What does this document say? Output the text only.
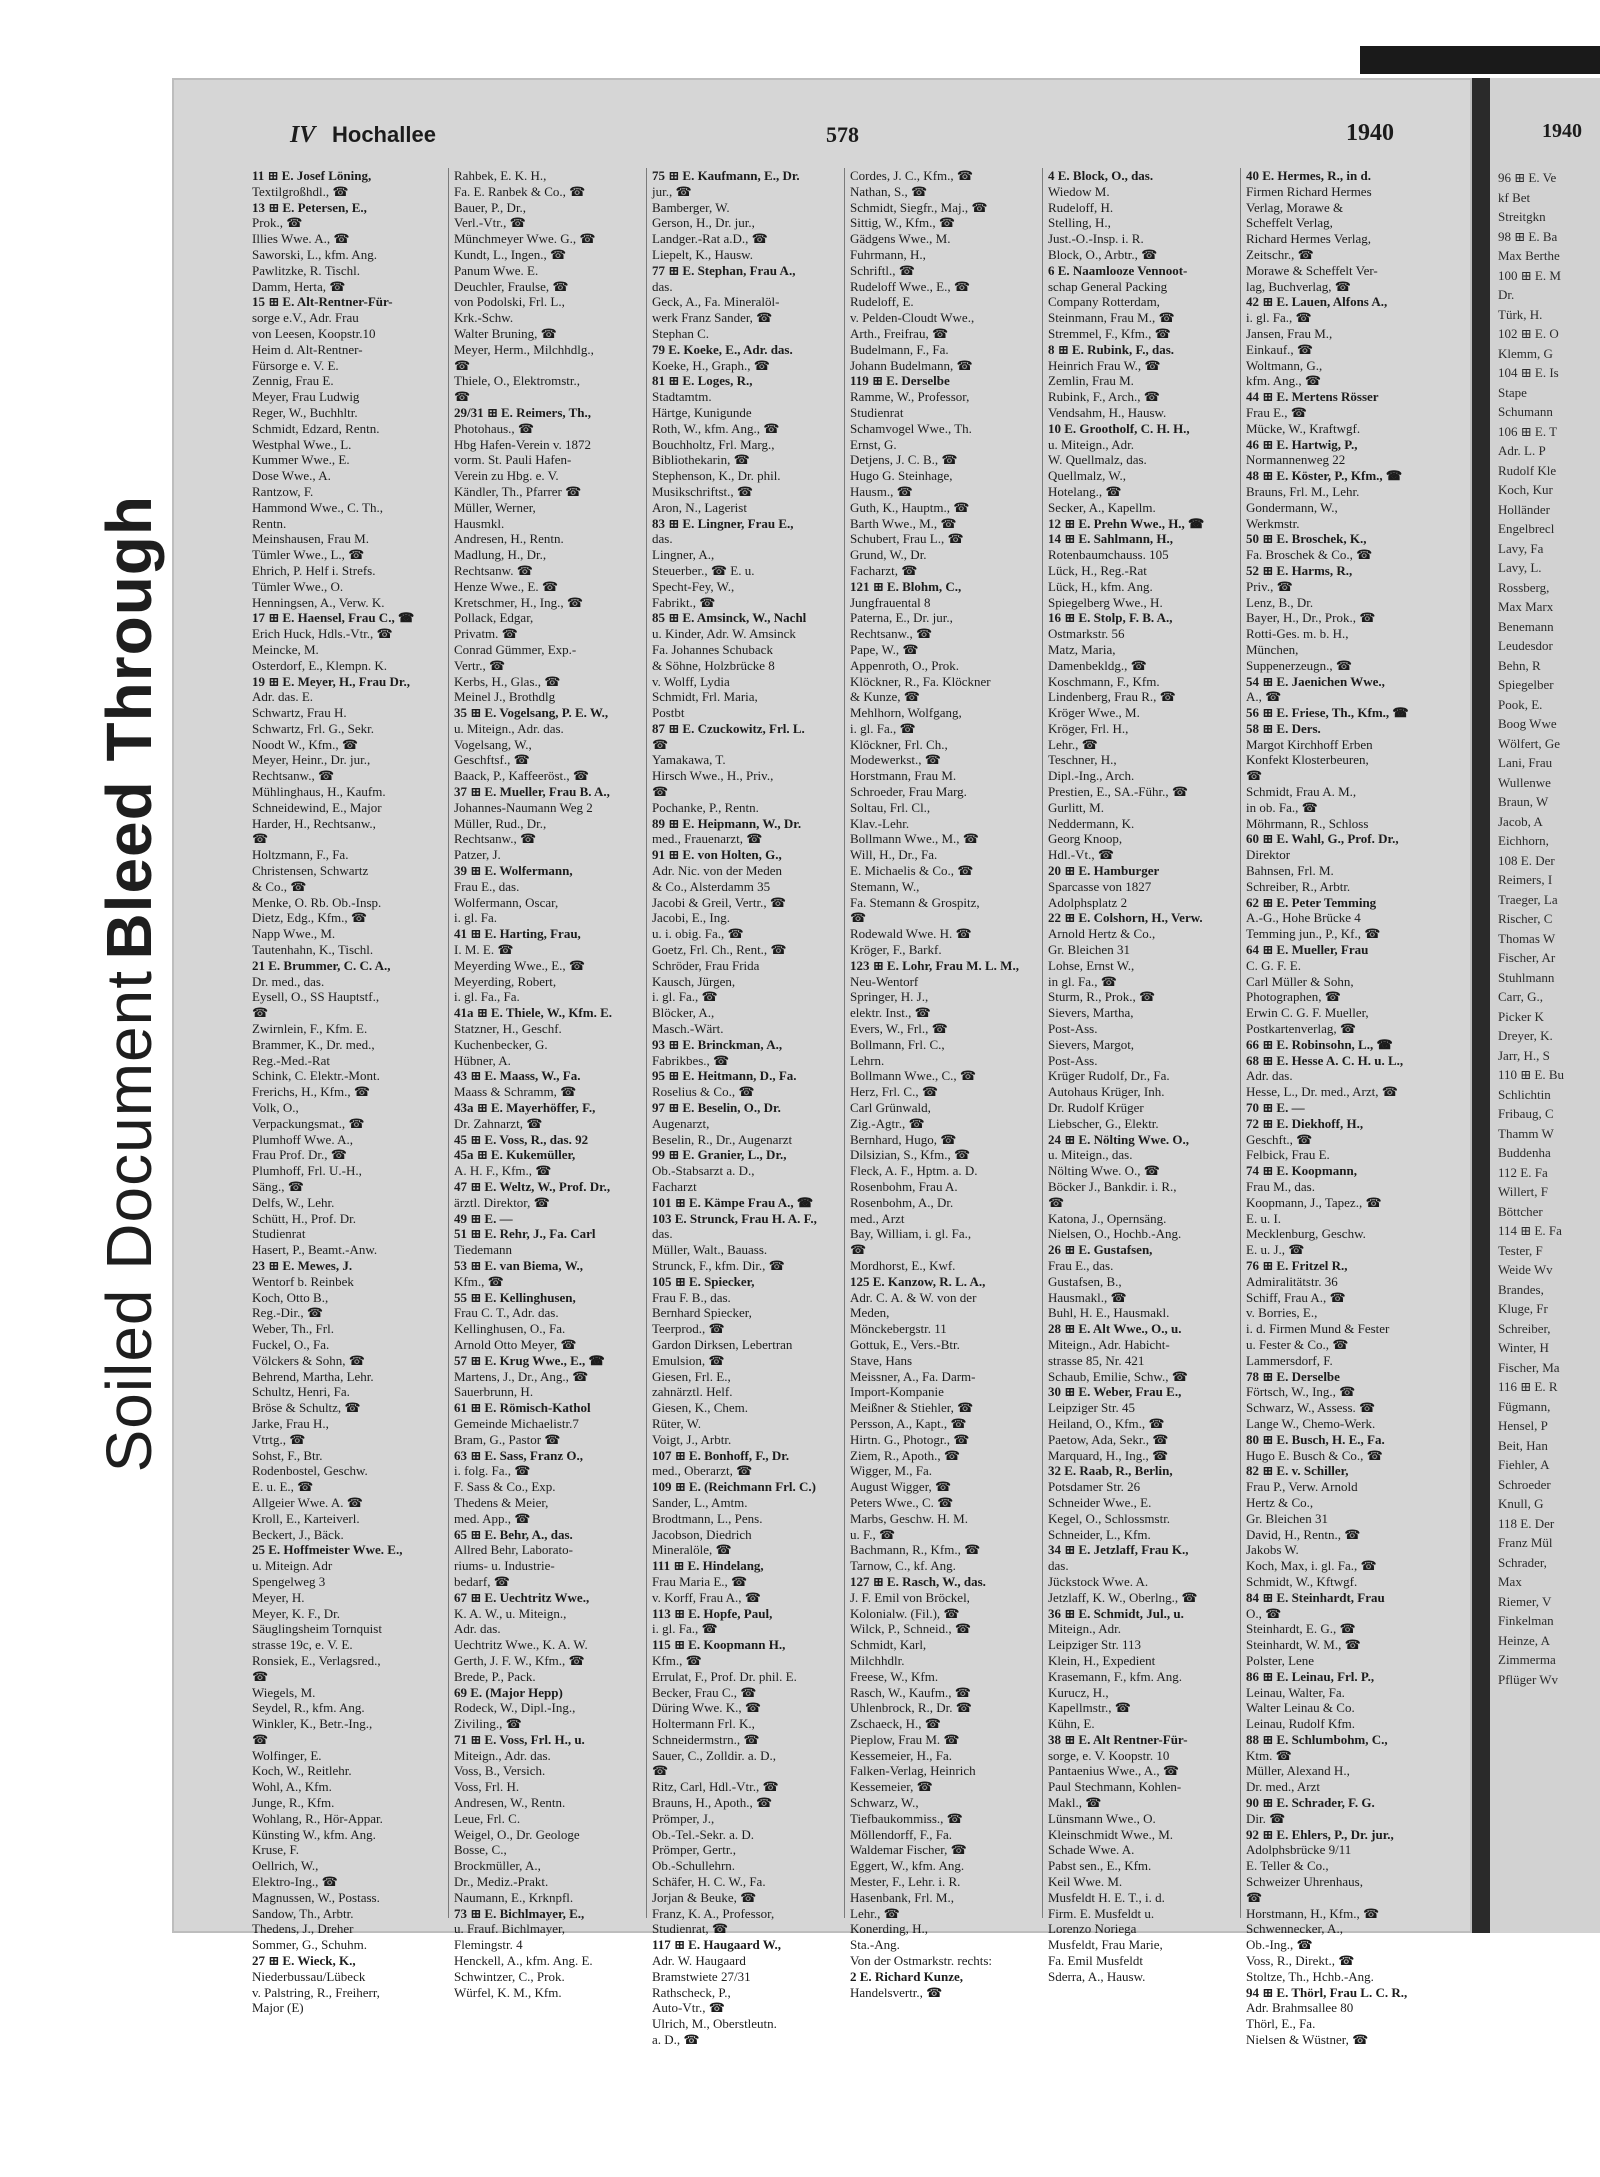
1940
96 ⊞ E. Ve
kf Bet
Streitgkn
98 ⊞ E. Ba
Max Berthe
100 ⊞ E. M
Dr.
Türk, H.
102 ⊞ E. O
Klemm, G
104 ⊞ E. Is
Stape
Schumann
106 ⊞ E. T
Adr. L. P
Rudolf Kle
Koch, Kur
Holländer
Engelbrecl
Lavy, Fa
Lavy, L.
Rossberg,
Max Marx
Benemann
Leudesdor
Behn, R
Spiegelber
Pook, E.
Boog Wwe
Wölfert, Ge
Lani, Frau
Wullenwe
Braun, W
Jacob, A
Eichhorn,
108 E. Der
Reimers, I
Traeger, La
Rischer, C
Thomas W
Fischer, Ar
Stuhlmann
Carr, G.,
Picker K
Dreyer, K.
Jarr, H., S
110 ⊞ E. Bu
Schlichtin
Fribaug, C
Thamm W
Buddenha
112 E. Fa
Willert, F
Böttcher
114 ⊞ E. Fa
Tester, F
Weide Wv
Brandes,
Kluge, Fr
Schreiber,
Winter, H
Fischer, Ma
116 ⊞ E. R
Fügmann,
Hensel, P
Beit, Han
Fiehler, A
Schroeder
Knull, G
118 E. Der
Franz Mül
Schrader,
Max
Riemer, V
Finkelman
Heinze, A
Zimmerma
Pflüger Wv
Soiled Document
Bleed Through
IV Hochallee	578	1940
11 ⊞ E. Josef Löning,
Textilgroßhdl., ☎
13 ⊞ E. Petersen, E.,
Prok., ☎
Illies Wwe. A., ☎
Saworski, L., kfm. Ang.
Pawlitzke, R. Tischl.
Damm, Herta, ☎
15 ⊞ E. Alt-Rentner-Für-
sorge e.V., Adr. Frau
von Leesen, Koopstr.10
Heim d. Alt-Rentner-
Fürsorge e. V. E.
Zennig, Frau E.
Meyer, Frau Ludwig
Reger, W., Buchhltr.
Schmidt, Edzard, Rentn.
Westphal Wwe., L.
Kummer Wwe., E.
Dose Wwe., A.
Rantzow, F.
Hammond Wwe., C. Th.,
Rentn.
Meinshausen, Frau M.
Tümler Wwe., L., ☎
Ehrich, P. Helf i. Strefs.
Tümler Wwe., O.
Henningsen, A., Verw. K.
17 ⊞ E. Haensel, Frau C., ☎
Erich Huck, Hdls.-Vtr., ☎
Meincke, M.
Osterdorf, E., Klempn. K.
19 ⊞ E. Meyer, H., Frau Dr.,
Adr. das. E.
Schwartz, Frau H.
Schwartz, Frl. G., Sekr.
Noodt W., Kfm., ☎
Meyer, Heinr., Dr. jur.,
Rechtsanw., ☎
Mühlinghaus, H., Kaufm.
Schneidewind, E., Major
Harder, H., Rechtsanw.,
☎
Holtzmann, F., Fa.
Christensen, Schwartz
& Co., ☎
Menke, O. Rb. Ob.-Insp.
Dietz, Edg., Kfm., ☎
Napp Wwe., M.
Tautenhahn, K., Tischl.
21 E. Brummer, C. C. A.,
Dr. med., das.
Eysell, O., SS Hauptstf.,
☎
Zwirnlein, F., Kfm. E.
Brammer, K., Dr. med.,
Reg.-Med.-Rat
Schink, C. Elektr.-Mont.
Frerichs, H., Kfm., ☎
Volk, O.,
Verpackungsmat., ☎
Plumhoff Wwe. A.,
Frau Prof. Dr., ☎
Plumhoff, Frl. U.-H.,
Säng., ☎
Delfs, W., Lehr.
Schütt, H., Prof. Dr.
Studienrat
Hasert, P., Beamt.-Anw.
23 ⊞ E. Mewes, J.
Wentorf b. Reinbek
Koch, Otto B.,
Reg.-Dir., ☎
Weber, Th., Frl.
Fuckel, O., Fa.
Völckers & Sohn, ☎
Behrend, Martha, Lehr.
Schultz, Henri, Fa.
Bröse & Schultz, ☎
Jarke, Frau H.,
Vtrtg., ☎
Sohst, F., Btr.
Rodenbostel, Geschw.
E. u. E., ☎
Allgeier Wwe. A. ☎
Kroll, E., Karteiverl.
Beckert, J., Bäck.
25 E. Hoffmeister Wwe. E.,
u. Miteign. Adr
Spengelweg 3
Meyer, H.
Meyer, K. F., Dr.
Säuglingsheim Tornquist
strasse 19c, e. V. E.
Ronsiek, E., Verlagsred.,
☎
Wiegels, M.
Seydel, R., kfm. Ang.
Winkler, K., Betr.-Ing.,
☎
Wolfinger, E.
Koch, W., Reitlehr.
Wohl, A., Kfm.
Junge, R., Kfm.
Wohlang, R., Hör-Appar.
Künsting W., kfm. Ang.
Kruse, F.
Oellrich, W.,
Elektro-Ing., ☎
Magnussen, W., Postass.
Sandow, Th., Arbtr.
Thedens, J., Dreher
Sommer, G., Schuhm.
27 ⊞ E. Wieck, K.,
Niederbussau/Lübeck
v. Palstring, R., Freiherr,
Major (E)
Rahbek, E. K. H.,
Fa. E. Ranbek & Co., ☎
Bauer, P., Dr.,
Verl.-Vtr., ☎
Münchmeyer Wwe. G., ☎
Kundt, L., Ingen., ☎
Panum Wwe. E.
Deuchler, Fraulse, ☎
von Podolski, Frl. L.,
Krk.-Schw.
Walter Bruning, ☎
Meyer, Herm., Milchhdlg.,
☎
Thiele, O., Elektromstr.,
☎
29/31 ⊞ E. Reimers, Th.,
Photohaus., ☎
Hbg Hafen-Verein v. 1872
vorm. St. Pauli Hafen-
Verein zu Hbg. e. V.
Kändler, Th., Pfarrer ☎
Müller, Werner,
Hausmkl.
Andresen, H., Rentn.
Madlung, H., Dr.,
Rechtsanw. ☎
Henze Wwe., E. ☎
Kretschmer, H., Ing., ☎
Pollack, Edgar,
Privatm. ☎
Conrad Gümmer, Exp.-
Vertr., ☎
Kerbs, H., Glas., ☎
Meinel J., Brothdlg
35 ⊞ E. Vogelsang, P. E. W.,
u. Miteign., Adr. das.
Vogelsang, W.,
Geschftsf., ☎
Baack, P., Kaffeeröst., ☎
37 ⊞ E. Mueller, Frau B. A.,
Johannes-Naumann Weg 2
Müller, Rud., Dr.,
Rechtsanw., ☎
Patzer, J.
39 ⊞ E. Wolfermann,
Frau E., das.
Wolfermann, Oscar,
i. gl. Fa.
41 ⊞ E. Harting, Frau,
I. M. E. ☎
Meyerding Wwe., E., ☎
Meyerding, Robert,
i. gl. Fa., Fa.
41a ⊞ E. Thiele, W., Kfm. E.
Statzner, H., Geschf.
Kuchenbecker, G.
Hübner, A.
43 ⊞ E. Maass, W., Fa.
Maass & Schramm, ☎
43a ⊞ E. Mayerhöffer, F.,
Dr. Zahnarzt, ☎
45 ⊞ E. Voss, R., das. 92
45a ⊞ E. Kukemüller,
A. H. F., Kfm., ☎
47 ⊞ E. Weltz, W., Prof. Dr.,
ärztl. Direktor, ☎
49 ⊞ E. —
51 ⊞ E. Rehr, J., Fa. Carl
Tiedemann
53 ⊞ E. van Biema, W.,
Kfm., ☎
55 ⊞ E. Kellinghusen,
Frau C. T., Adr. das.
Kellinghusen, O., Fa.
Arnold Otto Meyer, ☎
57 ⊞ E. Krug Wwe., E., ☎
Martens, J., Dr., Ang., ☎
Sauerbrunn, H.
61 ⊞ E. Römisch-Kathol
Gemeinde Michaelistr.7
Bram, G., Pastor ☎
63 ⊞ E. Sass, Franz O.,
i. folg. Fa., ☎
F. Sass & Co., Exp.
Thedens & Meier,
med. App., ☎
65 ⊞ E. Behr, A., das.
Allred Behr, Laborato-
riums- u. Industrie-
bedarf, ☎
67 ⊞ E. Uechtritz Wwe.,
K. A. W., u. Miteign.,
Adr. das.
Uechtritz Wwe., K. A. W.
Gerth, J. F. W., Kfm., ☎
Brede, P., Pack.
69 E. (Major Hepp)
Rodeck, W., Dipl.-Ing.,
Ziviling., ☎
71 ⊞ E. Voss, Frl. H., u.
Miteign., Adr. das.
Voss, B., Versich.
Voss, Frl. H.
Andresen, W., Rentn.
Leue, Frl. C.
Weigel, O., Dr. Geologe
Bosse, C.,
Brockmüller, A.,
Dr., Mediz.-Prakt.
Naumann, E., Krknpfl.
73 ⊞ E. Bichlmayer, E.,
u. Frauf. Bichlmayer,
Flemingstr. 4
Henckell, A., kfm. Ang. E.
Schwintzer, C., Prok.
Würfel, K. M., Kfm.
75 ⊞ E. Kaufmann, E., Dr.
jur., ☎
Bamberger, W.
Gerson, H., Dr. jur.,
Landger.-Rat a.D., ☎
Liepelt, K., Hausw.
77 ⊞ E. Stephan, Frau A.,
das.
Geck, A., Fa. Mineralöl-
werk Franz Sander, ☎
Stephan C.
79 E. Koeke, E., Adr. das.
Koeke, H., Graph., ☎
81 ⊞ E. Loges, R.,
Stadtamtm.
Härtge, Kunigunde
Roth, W., kfm. Ang., ☎
Bouchholtz, Frl. Marg.,
Bibliothekarin, ☎
Stephenson, K., Dr. phil.
Musikschriftst., ☎
Aron, N., Lagerist
83 ⊞ E. Lingner, Frau E.,
das.
Lingner, A.,
Steuerber., ☎ E. u.
Specht-Fey, W.,
Fabrikt., ☎
85 ⊞ E. Amsinck, W., Nachl
u. Kinder, Adr. W. Amsinck
Fa. Johannes Schuback
& Söhne, Holzbrücke 8
v. Wolff, Lydia
Schmidt, Frl. Maria,
Postbt
87 ⊞ E. Czuckowitz, Frl. L.
☎
Yamakawa, T.
Hirsch Wwe., H., Priv.,
☎
Pochanke, P., Rentn.
89 ⊞ E. Heipmann, W., Dr.
med., Frauenarzt, ☎
91 ⊞ E. von Holten, G.,
Adr. Nic. von der Meden
& Co., Alsterdamm 35
Jacobi & Greil, Vertr., ☎
Jacobi, E., Ing.
u. i. obig. Fa., ☎
Goetz, Frl. Ch., Rent., ☎
Schröder, Frau Frida
Kausch, Jürgen,
i. gl. Fa., ☎
Blöcker, A.,
Masch.-Wärt.
93 ⊞ E. Brinckman, A.,
Fabrikbes., ☎
95 ⊞ E. Heitmann, D., Fa.
Roselius & Co., ☎
97 ⊞ E. Beselin, O., Dr.
Augenarzt,
Beselin, R., Dr., Augenarzt
99 ⊞ E. Granier, L., Dr.,
Ob.-Stabsarzt a. D.,
Facharzt
101 ⊞ E. Kämpe Frau A., ☎
103 E. Strunck, Frau H. A. F.,
das.
Müller, Walt., Bauass.
Strunck, F., kfm. Dir., ☎
105 ⊞ E. Spiecker,
Frau F. B., das.
Bernhard Spiecker,
Teerprod., ☎
Gardon Dirksen, Lebertran
Emulsion, ☎
Giesen, Frl. E.,
zahnärztl. Helf.
Giesen, K., Chem.
Rüter, W.
Voigt, J., Arbtr.
107 ⊞ E. Bonhoff, F., Dr.
med., Oberarzt, ☎
109 ⊞ E. (Reichmann Frl. C.)
Sander, L., Amtm.
Brodtmann, L., Pens.
Jacobson, Diedrich
Mineralöle, ☎
111 ⊞ E. Hindelang,
Frau Maria E., ☎
v. Korff, Frau A., ☎
113 ⊞ E. Hopfe, Paul,
i. gl. Fa., ☎
115 ⊞ E. Koopmann H.,
Kfm., ☎
Errulat, F., Prof. Dr. phil. E.
Becker, Frau C., ☎
Düring Wwe. K., ☎
Holtermann Frl. K.,
Schneidermstrn., ☎
Sauer, C., Zolldir. a. D.,
☎
Ritz, Carl, Hdl.-Vtr., ☎
Brauns, H., Apoth., ☎
Prömper, J.,
Ob.-Tel.-Sekr. a. D.
Prömper, Gertr.,
Ob.-Schullehrn.
Schäfer, H. C. W., Fa.
Jorjan & Beuke, ☎
Franz, K. A., Professor,
Studienrat, ☎
117 ⊞ E. Haugaard W.,
Adr. W. Haugaard
Bramstwiete 27/31
Rathscheck, P.,
Auto-Vtr., ☎
Ulrich, M., Oberstleutn.
a. D., ☎
Cordes, J. C., Kfm., ☎
Nathan, S., ☎
Schmidt, Siegfr., Maj., ☎
Sittig, W., Kfm., ☎
Gädgens Wwe., M.
Fuhrmann, H.,
Schriftl., ☎
Rudeloff Wwe., E., ☎
Rudeloff, E.
v. Pelden-Cloudt Wwe.,
Arth., Freifrau, ☎
Budelmann, F., Fa.
Johann Budelmann, ☎
119 ⊞ E. Derselbe
Ramme, W., Professor,
Studienrat
Schamvogel Wwe., Th.
Ernst, G.
Detjens, J. C. B., ☎
Hugo G. Steinhage,
Hausm., ☎
Guth, K., Hauptm., ☎
Barth Wwe., M., ☎
Schubert, Frau L., ☎
Grund, W., Dr.
Facharzt, ☎
121 ⊞ E. Blohm, C.,
Jungfrauental 8
Paterna, E., Dr. jur.,
Rechtsanw., ☎
Pape, W., ☎
Appenroth, O., Prok.
Klöckner, R., Fa. Klöckner
& Kunze, ☎
Mehlhorn, Wolfgang,
i. gl. Fa., ☎
Klöckner, Frl. Ch.,
Modewerkst., ☎
Horstmann, Frau M.
Schroeder, Frau Marg.
Soltau, Frl. Cl.,
Klav.-Lehr.
Bollmann Wwe., M., ☎
Will, H., Dr., Fa.
E. Michaelis & Co., ☎
Stemann, W.,
Fa. Stemann & Grospitz,
☎
Rodewald Wwe. H. ☎
Kröger, F., Barkf.
123 ⊞ E. Lohr, Frau M. L. M.,
Neu-Wentorf
Springer, H. J.,
elektr. Inst., ☎
Evers, W., Frl., ☎
Bollmann, Frl. C.,
Lehrn.
Bollmann Wwe., C., ☎
Herz, Frl. C., ☎
Carl Grünwald,
Zig.-Agtr., ☎
Bernhard, Hugo, ☎
Dilsizian, S., Kfm., ☎
Fleck, A. F., Hptm. a. D.
Rosenbohm, Frau A.
Rosenbohm, A., Dr.
med., Arzt
Bay, William, i. gl. Fa.,
☎
Mordhorst, E., Kwf.
125 E. Kanzow, R. L. A.,
Adr. C. A. & W. von der
Meden,
Mönckebergstr. 11
Gottuk, E., Vers.-Btr.
Stave, Hans
Meissner, A., Fa. Darm-
Import-Kompanie
Meißner & Stiehler, ☎
Persson, A., Kapt., ☎
Hirtn. G., Photogr., ☎
Ziem, R., Apoth., ☎
Wigger, M., Fa.
August Wigger, ☎
Peters Wwe., C. ☎
Marbs, Geschw. H. M.
u. F., ☎
Bachmann, R., Kfm., ☎
Tarnow, C., kf. Ang.
127 ⊞ E. Rasch, W., das.
J. F. Emil von Bröckel,
Kolonialw. (Fil.), ☎
Wilck, P., Schneid., ☎
Schmidt, Karl,
Milchhdlr.
Freese, W., Kfm.
Rasch, W., Kaufm., ☎
Uhlenbrock, R., Dr. ☎
Zschaeck, H., ☎
Pieplow, Frau M. ☎
Kessemeier, H., Fa.
Falken-Verlag, Heinrich
Kessemeier, ☎
Schwarz, W.,
Tiefbaukommiss., ☎
Möllendorff, F., Fa.
Waldemar Fischer, ☎
Eggert, W., kfm. Ang.
Mester, F., Lehr. i. R.
Hasenbank, Frl. M.,
Lehr., ☎
Konerding, H.,
Sta.-Ang.
Von der Ostmarkstr. rechts:
2 E. Richard Kunze,
Handelsvertr., ☎
4 E. Block, O., das.
Wiedow M.
Rudeloff, H.
Stelling, H.,
Just.-O.-Insp. i. R.
Block, O., Arbtr., ☎
6 E. Naamlooze Vennoot-
schap General Packing
Company Rotterdam,
Steinmann, Frau M., ☎
Stremmel, F., Kfm., ☎
8 ⊞ E. Rubink, F., das.
Heinrich Frau W., ☎
Zemlin, Frau M.
Rubink, F., Arch., ☎
Vendsahm, H., Hausw.
10 E. Grootholf, C. H. H.,
u. Miteign., Adr.
W. Quellmalz, das.
Quellmalz, W.,
Hotelang., ☎
Secker, A., Kapellm.
12 ⊞ E. Prehn Wwe., H., ☎
14 ⊞ E. Sahlmann, H.,
Rotenbaumchauss. 105
Lück, H., Reg.-Rat
Lück, H., kfm. Ang.
Spiegelberg Wwe., H.
16 ⊞ E. Stolp, F. B. A.,
Ostmarkstr. 56
Matz, Maria,
Damenbekldg., ☎
Koschmann, F., Kfm.
Lindenberg, Frau R., ☎
Kröger Wwe., M.
Kröger, Frl. H.,
Lehr., ☎
Teschner, H.,
Dipl.-Ing., Arch.
Prestien, E., SA.-Führ., ☎
Gurlitt, M.
Neddermann, K.
Georg Knoop,
Hdl.-Vt., ☎
20 ⊞ E. Hamburger
Sparcasse von 1827
Adolphsplatz 2
22 ⊞ E. Colshorn, H., Verw.
Arnold Hertz & Co.,
Gr. Bleichen 31
Lohse, Ernst W.,
in gl. Fa., ☎
Sturm, R., Prok., ☎
Sievers, Martha,
Post-Ass.
Sievers, Margot,
Post-Ass.
Krüger Rudolf, Dr., Fa.
Autohaus Krüger, Inh.
Dr. Rudolf Krüger
Liebscher, G., Elektr.
24 ⊞ E. Nölting Wwe. O.,
u. Miteign., das.
Nölting Wwe. O., ☎
Böcker J., Bankdir. i. R.,
☎
Katona, J., Opernsäng.
Nielsen, O., Hochb.-Ang.
26 ⊞ E. Gustafsen,
Frau E., das.
Gustafsen, B.,
Hausmakl., ☎
Buhl, H. E., Hausmakl.
28 ⊞ E. Alt Wwe., O., u.
Miteign., Adr. Habicht-
strasse 85, Nr. 421
Schaub, Emilie, Schw., ☎
30 ⊞ E. Weber, Frau E.,
Leipziger Str. 45
Heiland, O., Kfm., ☎
Paetow, Ada, Sekr., ☎
Marquard, H., Ing., ☎
32 E. Raab, R., Berlin,
Potsdamer Str. 26
Schneider Wwe., E.
Kegel, O., Schlossmstr.
Schneider, L., Kfm.
34 ⊞ E. Jetzlaff, Frau K.,
das.
Jückstock Wwe. A.
Jetzlaff, K. W., Oberlng., ☎
36 ⊞ E. Schmidt, Jul., u.
Miteign., Adr.
Leipziger Str. 113
Klein, H., Expedient
Krasemann, F., kfm. Ang.
Kurucz, H.,
Kapellmstr., ☎
Kühn, E.
38 ⊞ E. Alt Rentner-Für-
sorge, e. V. Koopstr. 10
Pantaenius Wwe., A., ☎
Paul Stechmann, Kohlen-
Makl., ☎
Lünsmann Wwe., O.
Kleinschmidt Wwe., M.
Schade Wwe. A.
Pabst sen., E., Kfm.
Keil Wwe. M.
Musfeldt H. E. T., i. d.
Firm. E. Musfeldt u.
Lorenzo Noriega
Musfeldt, Frau Marie,
Fa. Emil Musfeldt
Sderra, A., Hausw.
40 E. Hermes, R., in d.
Firmen Richard Hermes
Verlag, Morawe &
Scheffelt Verlag,
Richard Hermes Verlag,
Zeitschr., ☎
Morawe & Scheffelt Ver-
lag, Buchverlag, ☎
42 ⊞ E. Lauen, Alfons A.,
i. gl. Fa., ☎
Jansen, Frau M.,
Einkauf., ☎
Woltmann, G.,
kfm. Ang., ☎
44 ⊞ E. Mertens Rösser
Frau E., ☎
Mücke, W., Kraftwgf.
46 ⊞ E. Hartwig, P.,
Normannenweg 22
48 ⊞ E. Köster, P., Kfm., ☎
Brauns, Frl. M., Lehr.
Gondermann, W.,
Werkmstr.
50 ⊞ E. Broschek, K.,
Fa. Broschek & Co., ☎
52 ⊞ E. Harms, R.,
Priv., ☎
Lenz, B., Dr.
Bayer, H., Dr., Prok., ☎
Rotti-Ges. m. b. H.,
München,
Suppenerzeugn., ☎
54 ⊞ E. Jaenichen Wwe.,
A., ☎
56 ⊞ E. Friese, Th., Kfm., ☎
58 ⊞ E. Ders.
Margot Kirchhoff Erben
Konfekt Klosterbeuren,
☎
Schmidt, Frau A. M.,
in ob. Fa., ☎
Möhrmann, R., Schloss
60 ⊞ E. Wahl, G., Prof. Dr.,
Direktor
Bahnsen, Frl. M.
Schreiber, R., Arbtr.
62 ⊞ E. Peter Temming
A.-G., Hohe Brücke 4
Temming jun., P., Kf., ☎
64 ⊞ E. Mueller, Frau
C. G. F. E.
Carl Müller & Sohn,
Photographen, ☎
Erwin C. G. F. Mueller,
Postkartenverlag, ☎
66 ⊞ E. Robinsohn, L., ☎
68 ⊞ E. Hesse A. C. H. u. L.,
Adr. das.
Hesse, L., Dr. med., Arzt, ☎
70 ⊞ E. —
72 ⊞ E. Diekhoff, H.,
Geschft., ☎
Felbick, Frau E.
74 ⊞ E. Koopmann,
Frau M., das.
Koopmann, J., Tapez., ☎
E. u. I.
Mecklenburg, Geschw.
E. u. J., ☎
76 ⊞ E. Fritzel R.,
Admiralitätstr. 36
Schiff, Frau A., ☎
v. Borries, E.,
i. d. Firmen Mund & Fester
u. Fester & Co., ☎
Lammersdorf, F.
78 ⊞ E. Derselbe
Förtsch, W., Ing., ☎
Schwarz, W., Assess. ☎
Lange W., Chemo-Werk.
80 ⊞ E. Busch, H. E., Fa.
Hugo E. Busch & Co., ☎
82 ⊞ E. v. Schiller,
Frau P., Verw. Arnold
Hertz & Co.,
Gr. Bleichen 31
David, H., Rentn., ☎
Jakobs W.
Koch, Max, i. gl. Fa., ☎
Schmidt, W., Kftwgf.
84 ⊞ E. Steinhardt, Frau
O., ☎
Steinhardt, E. G., ☎
Steinhardt, W. M., ☎
Polster, Lene
86 ⊞ E. Leinau, Frl. P.,
Leinau, Walter, Fa.
Walter Leinau & Co.
Leinau, Rudolf Kfm.
88 ⊞ E. Schlumbohm, C.,
Ktm. ☎
Müller, Alexand H.,
Dr. med., Arzt
90 ⊞ E. Schrader, F. G.
Dir. ☎
92 ⊞ E. Ehlers, P., Dr. jur.,
Adolphsbrücke 9/11
E. Teller & Co.,
Schweizer Uhrenhaus,
☎
Horstmann, H., Kfm., ☎
Schwennecker, A.,
Ob.-Ing., ☎
Voss, R., Direkt., ☎
Stoltze, Th., Hchb.-Ang.
94 ⊞ E. Thörl, Frau L. C. R.,
Adr. Brahmsallee 80
Thörl, E., Fa.
Nielsen & Wüstner, ☎
